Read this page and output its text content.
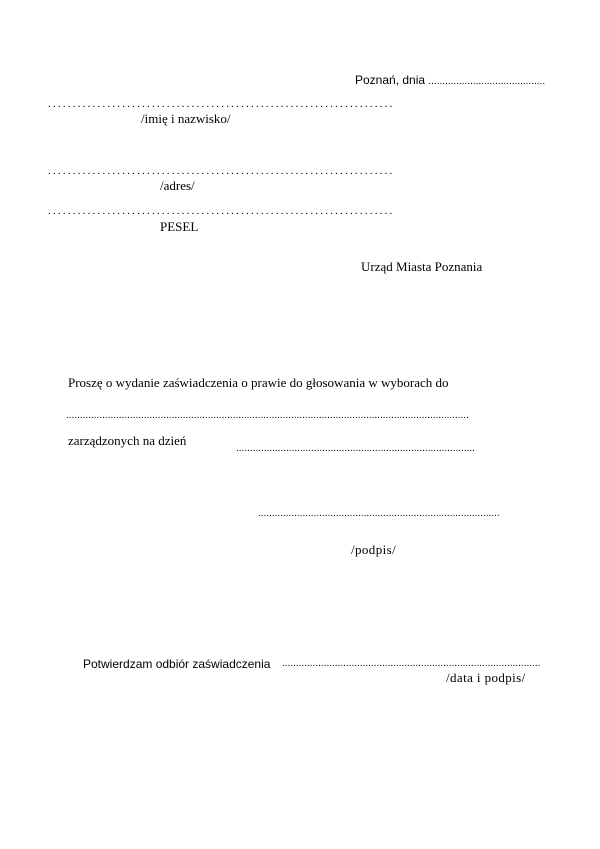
Poznań, dnia ..........................................
......................................................................
/imię i nazwisko/
......................................................................
/adres/
......................................................................
PESEL
Urząd Miasta Poznania
Proszę o wydanie zaświadczenia o prawie do głosowania w wyborach do
.................................................................................................................................................
zarządzonych na dzień
......................................................................................
.......................................................................................
/podpis/
Potwierdzam odbiór zaświadczenia .............................................................................................
/data i podpis/
